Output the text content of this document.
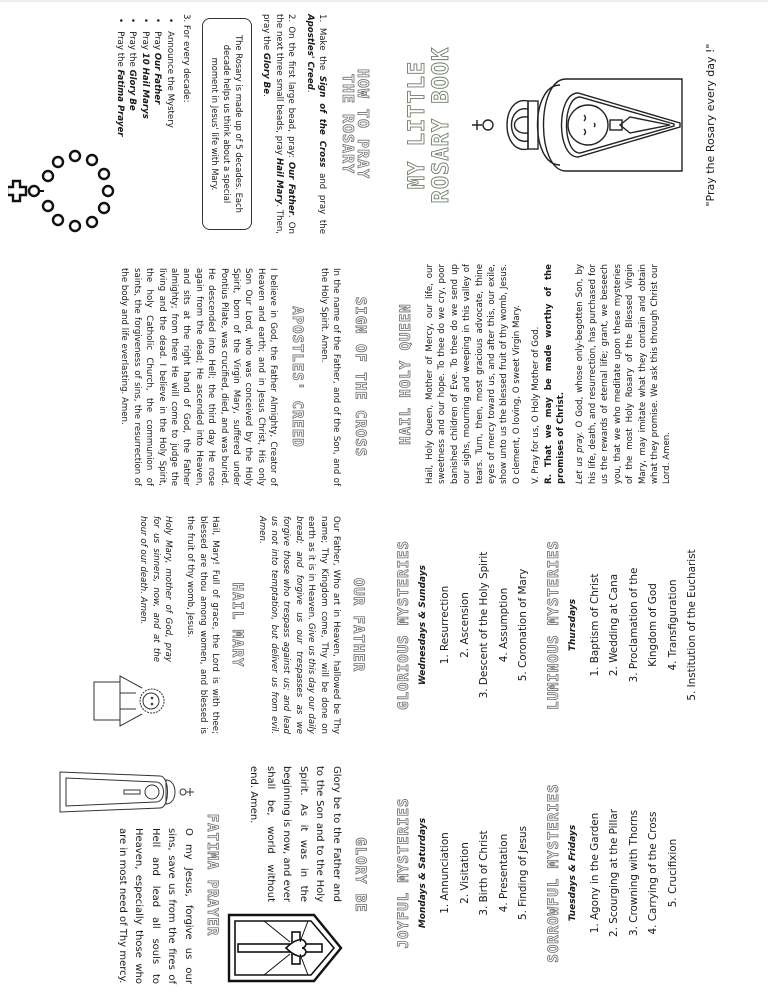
HOW TO PRAY
THE ROSARY

1. Make the Sign of the Cross and pray the Apostles' Creed.

2. On the first large bead, pray: Our Father. On the next three small beads, pray Hail Mary. Then, pray the Glory Be.

The Rosary is made up of 5 decades. Each decade helps us think about a special moment in Jesus' life with Mary.
3. For every decade:
• Announce the Mystery
• Pray Our Father
• Pray 10 Hail Marys
• Pray the Glory Be
• Pray the Fatima Prayer
SIGN OF THE CROSS

In the name of the Father, and of the Son, and of the Holy Spirit. Amen.

APOSTLES' CREED

I believe in God, the Father Almighty, Creator of Heaven and earth; and in Jesus Christ, His only Son Our Lord, who was conceived by the Holy Spirit, born of the Virgin Mary, suffered under Pontius Pilate, was crucified, died, and was buried. He descended into Hell; the third day He rose again from the dead; He ascended into Heaven, and sits at the right hand of God, the Father almighty; from there He will come to judge the living and the dead. I believe in the Holy Spirit, the holy Catholic Church, the communion of saints, the forgiveness of sins, the resurrection of the body and life everlasting. Amen.

OUR FATHER

Our Father, Who art in Heaven, hallowed be Thy name; Thy Kingdom come, Thy will be done on earth as it is in Heaven. Give us this day our daily bread; and forgive us our trespasses as we forgive those who trespass against us; and lead us not into temptation, but deliver us from evil. Amen.

HAIL MARY

Hail, Mary! Full of grace, the Lord is with thee; blessed are thou among women, and blessed is the fruit of thy womb, Jesus.

Holy Mary, mother of God, pray for us sinners, now, and at the hour of our death. Amen.

GLORY BE

Glory be to the Father and to the Son and to the Holy Spirit. As it was in the beginning is now, and ever shall be, world without end. Amen.

FATIMA PRAYER

O my Jesus, forgive us our sins, save us from the fires of Hell and lead all souls to Heaven, especially those who are in most need of Thy mercy.

MY LITTLE ROSARY BOOK	"Pray the Rosary every day !"
HAIL HOLY QUEEN Hail, Holy Queen, Mother of Mercy, our life, our sweetness and our hope. To thee do we cry, poor banished children of Eve. To thee do we send up our sighs, mourning and weeping in this valley of tears. Turn, then, most gracious advocate, thine eyes of mercy toward us, and after this, our exile, show unto us the blessed fruit of thy womb, Jesus. O clement, O loving, O sweet Virgin Mary. V. Pray for us, O Holy Mother of God. R. That we may be made worthy of the promises of Christ. Let us pray. O God, whose only-begotten Son, by his life, death, and resurrection, has purchased for us the rewards of eternal life; grant, we beseech you, that we who meditate upon these mysteries of the most Holy Rosary of the Blessed Virgin Mary, may imitate what they contain and obtain what they promise. We ask this through Christ our Lord. Amen.

GLORIOUS MYSTERIES Wednesdays & Sundays 1. Resurrection 2. Ascension 3. Descent of the Holy Spirit 4. Assumption 5. Coronation of Mary	LUMINOUS MYSTERIES Thursdays 1. Baptism of Christ 2. Wedding at Cana 3. Proclamation of the Kingdom of God 4. Transfiguration 5. Institution of the Eucharist
JOYFUL MYSTERIES Mondays & Saturdays 1. Annunciation 2. Visitation 3. Birth of Christ 4. Presentation 5. Finding of Jesus	SORROWFUL MYSTERIES Tuesdays & Fridays 1. Agony in the Garden 2. Scourging at the Pillar 3. Crowning with Thorns 4. Carrying of the Cross 5. Crucifixion
